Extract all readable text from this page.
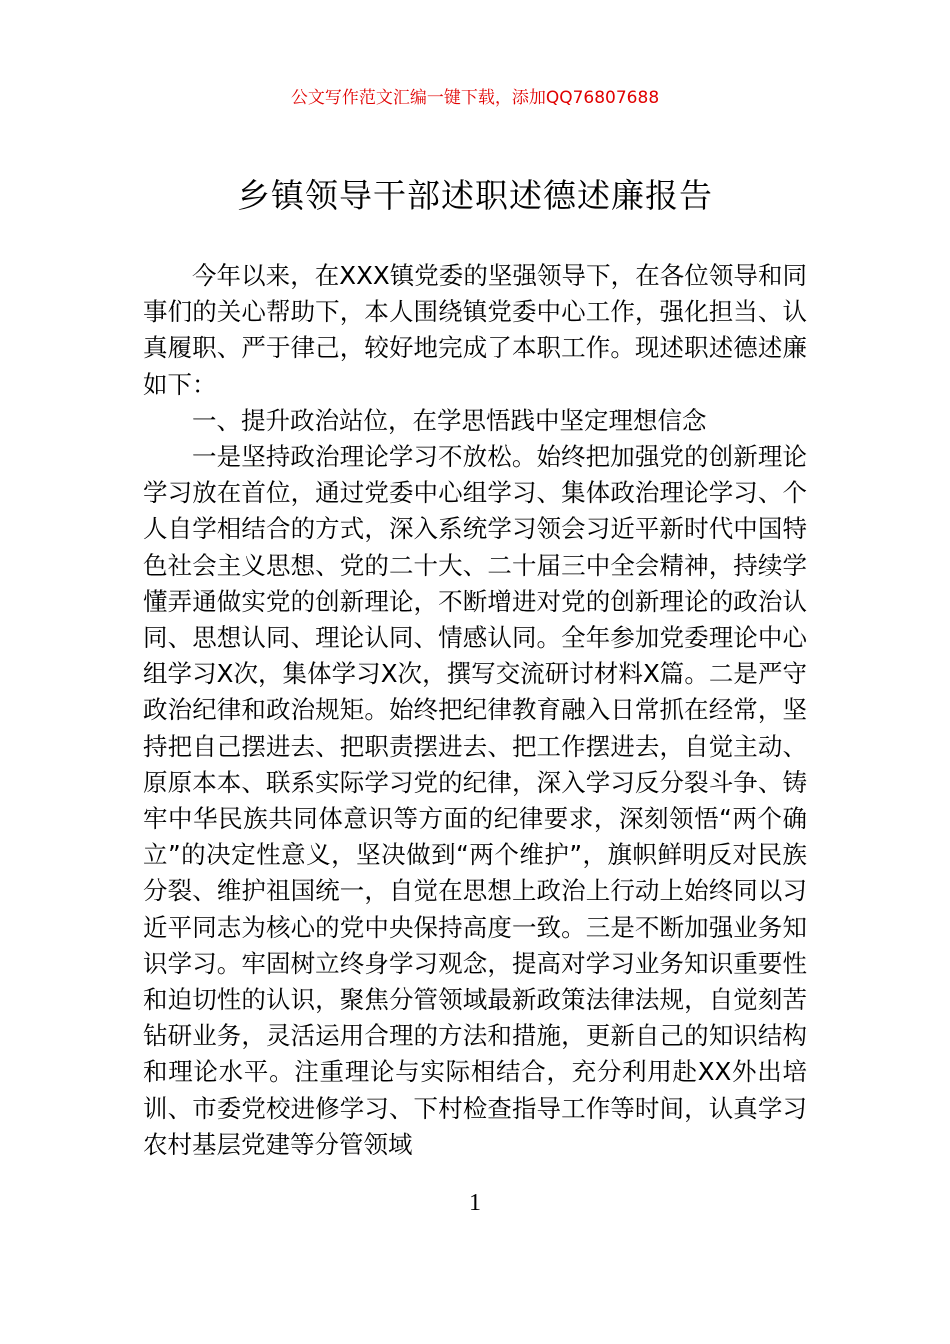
公文写作范文汇编一键下载，添加QQ76807688
乡镇领导干部述职述德述廉报告

今年以来，在XXX镇党委的坚强领导下，在各位领导和同事们的关心帮助下，本人围绕镇党委中心工作，强化担当、认真履职、严于律己，较好地完成了本职工作。现述职述德述廉如下：

一、提升政治站位，在学思悟践中坚定理想信念

一是坚持政治理论学习不放松。始终把加强党的创新理论学习放在首位，通过党委中心组学习、集体政治理论学习、个人自学相结合的方式，深入系统学习领会习近平新时代中国特色社会主义思想、党的二十大、二十届三中全会精神，持续学懂弄通做实党的创新理论，不断增进对党的创新理论的政治认同、思想认同、理论认同、情感认同。全年参加党委理论中心组学习X次，集体学习X次，撰写交流研讨材料X篇。二是严守政治纪律和政治规矩。始终把纪律教育融入日常抓在经常，坚持把自己摆进去、把职责摆进去、把工作摆进去，自觉主动、原原本本、联系实际学习党的纪律，深入学习反分裂斗争、铸牢中华民族共同体意识等方面的纪律要求，深刻领悟“两个确立”的决定性意义，坚决做到“两个维护”，旗帜鲜明反对民族分裂、维护祖国统一，自觉在思想上政治上行动上始终同以习近平同志为核心的党中央保持高度一致。三是不断加强业务知识学习。牢固树立终身学习观念，提高对学习业务知识重要性和迫切性的认识，聚焦分管领域最新政策法律法规，自觉刻苦钻研业务，灵活运用合理的方法和措施，更新自己的知识结构和理论水平。注重理论与实际相结合，充分利用赴XX外出培训、市委党校进修学习、下村检查指导工作等时间，认真学习农村基层党建等分管领域

1
